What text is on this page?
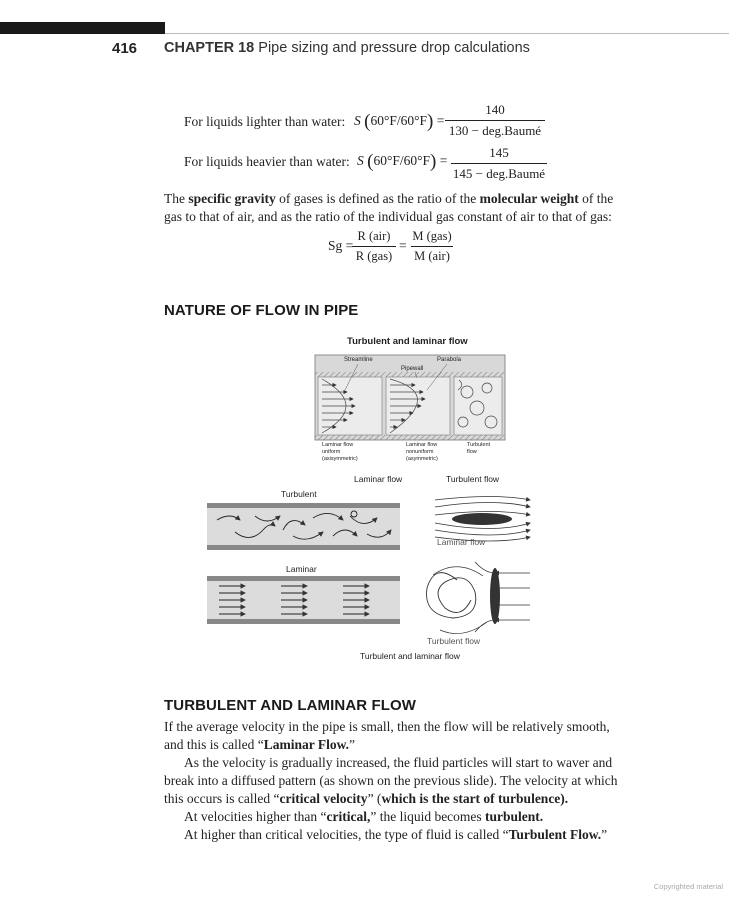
416 CHAPTER 18 Pipe sizing and pressure drop calculations
For liquids lighter than water: S (60°F/60°F) =
140
130 − deg.Baumé
For liquids heavier than water: S (60°F/60°F) =
145
145 − deg.Baumé
The specific gravity of gases is defined as the ratio of the molecular weight of the gas to that of air, and as the ratio of the individual gas constant of air to that of gas:
Sg =
R (air)
R (gas)
=
M (gas)
M (air)
NATURE OF FLOW IN PIPE
Turbulent and laminar flow
Streamline	Parabola
Pipewall
Laminar flow
uniform
(axisymmetric)
Laminar flow
nonuniform
(asymmetric)
Turbulent
flow
Laminar flow	Turbulent flow
Turbulent
Laminar flow
Laminar
Turbulent flow
Turbulent and laminar flow
TURBULENT AND LAMINAR FLOW
If the average velocity in the pipe is small, then the flow will be relatively smooth, and this is called “Laminar Flow.”
As the velocity is gradually increased, the fluid particles will start to waver and break into a diffused pattern (as shown on the previous slide). The velocity at which this occurs is called “critical velocity” (which is the start of turbulence).
At velocities higher than “critical,” the liquid becomes turbulent.
At higher than critical velocities, the type of fluid is called “Turbulent Flow.”
Copyrighted material
